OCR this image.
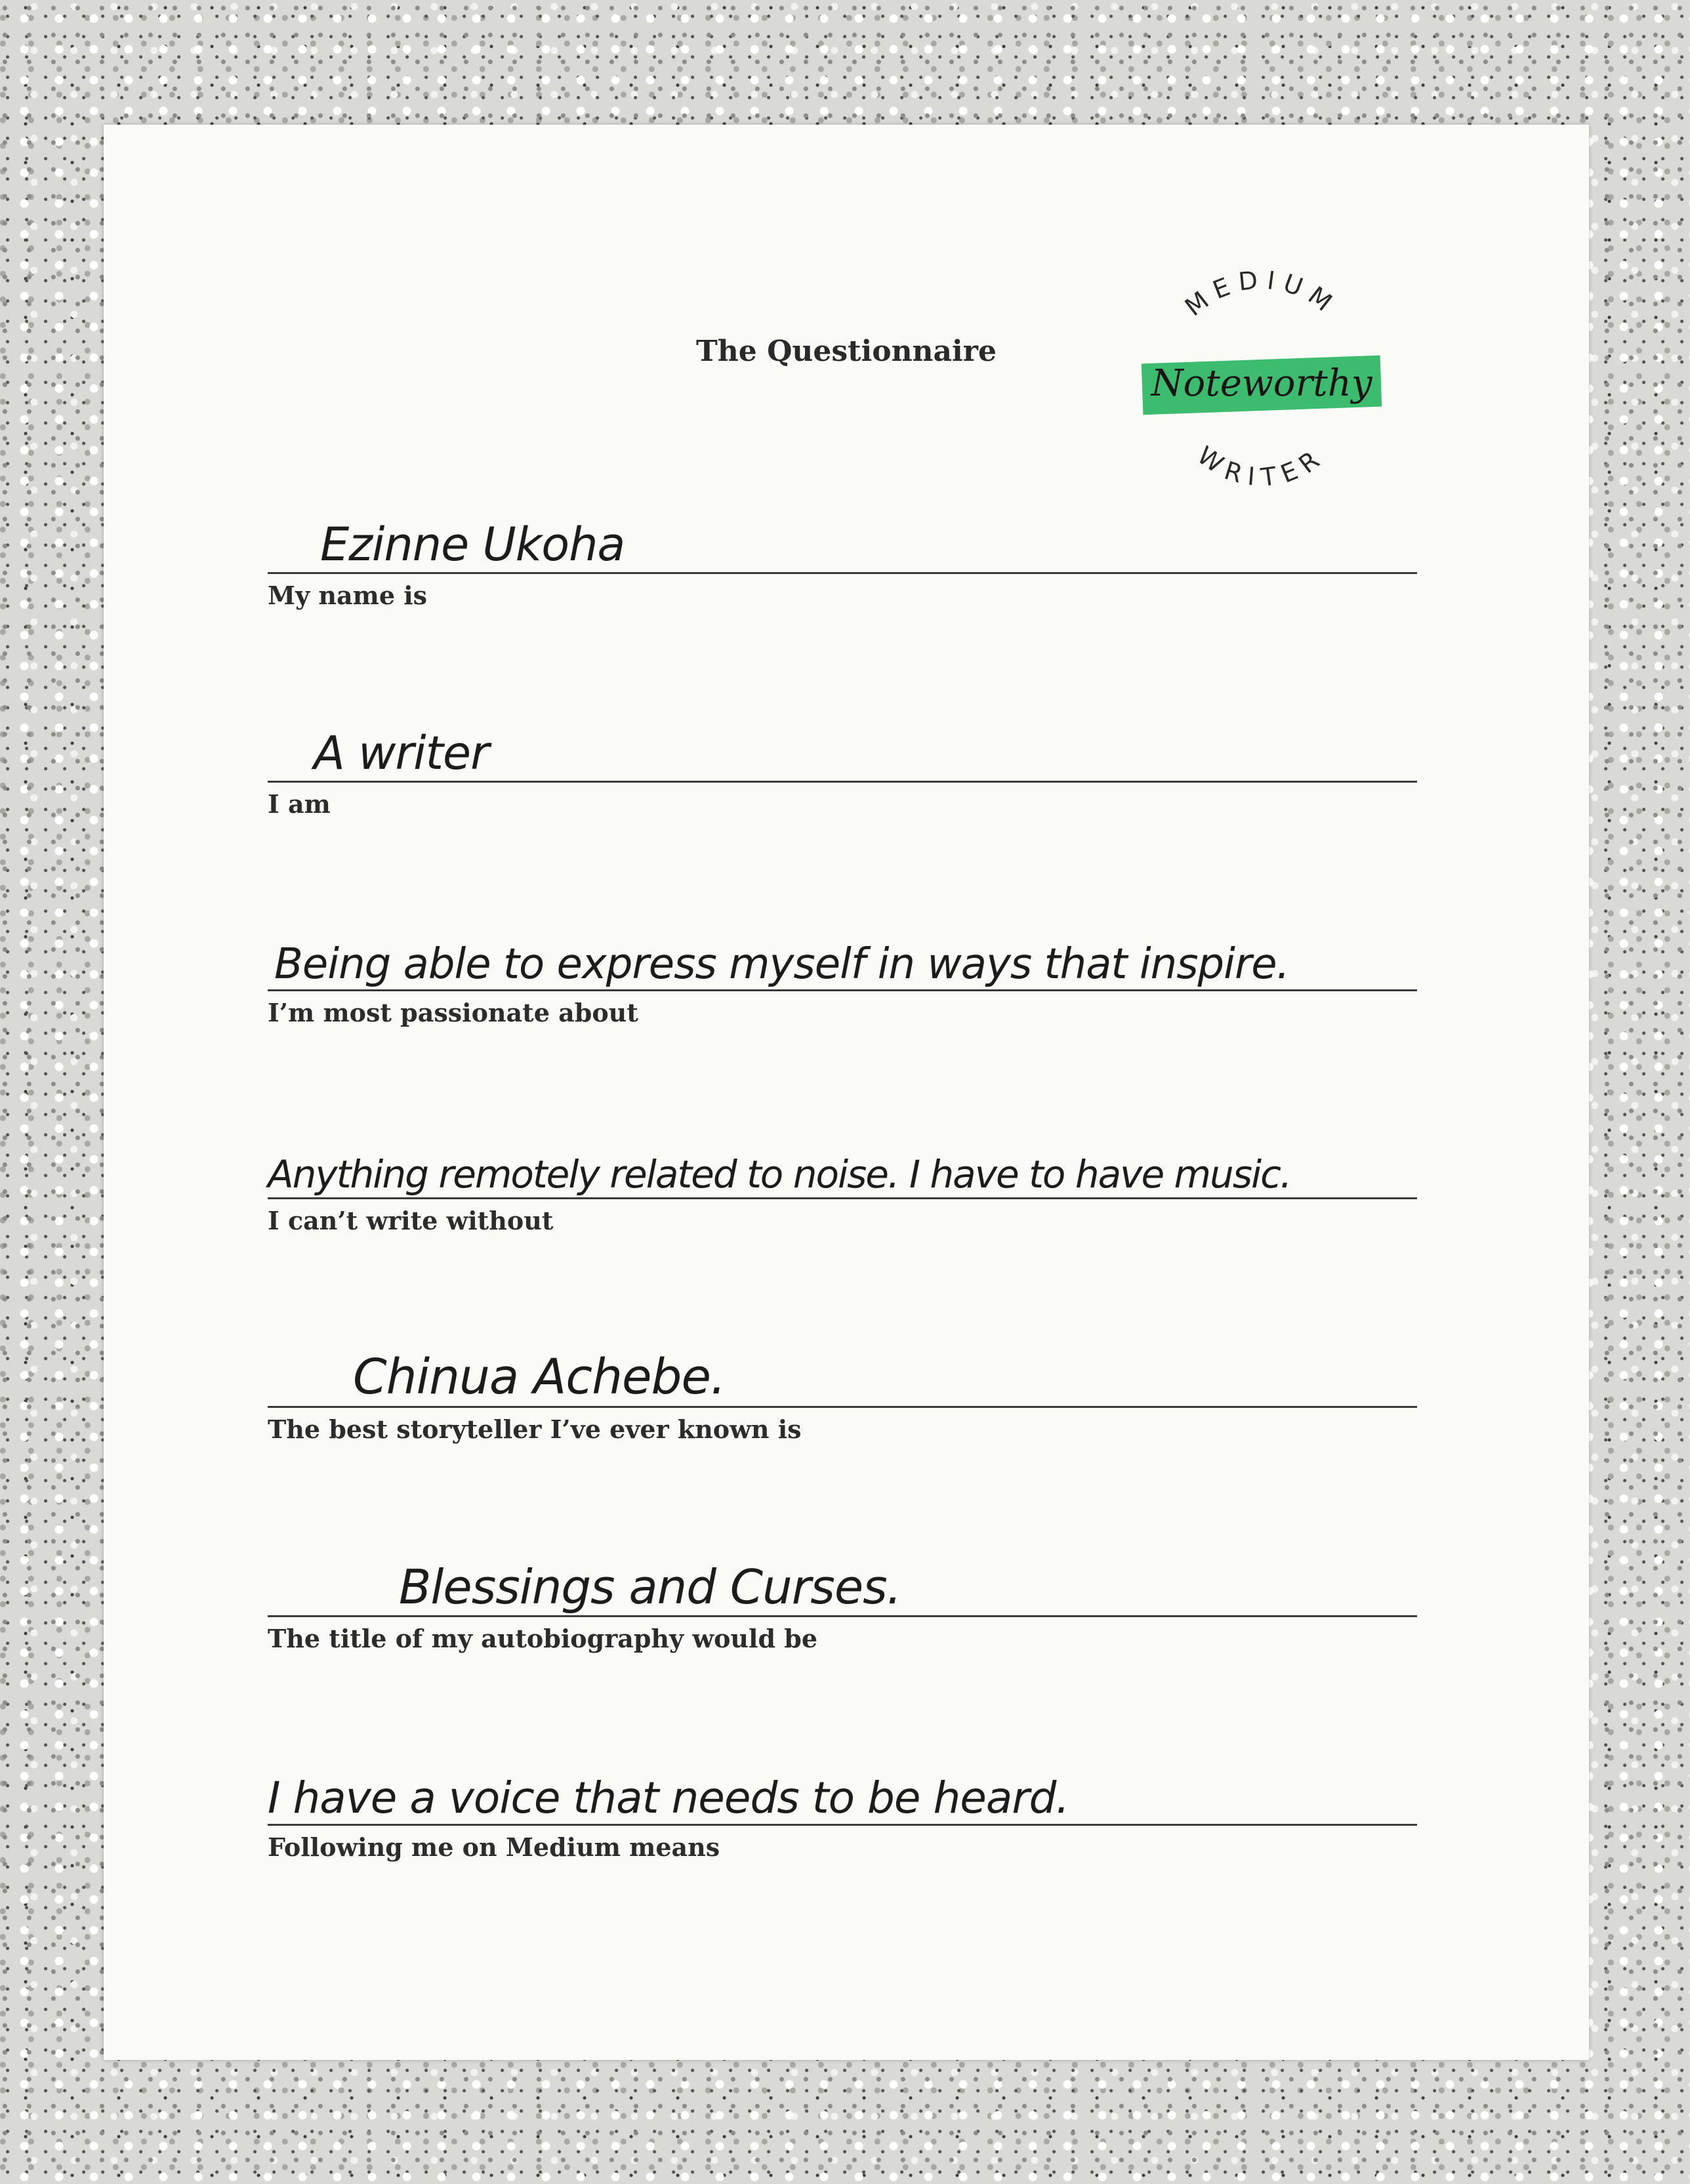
The Questionnaire
MEDIUM
Noteworthy
WRITER
Ezinne Ukoha
My name is
A writer
I am
Being able to express myself in ways that inspire.
I’m most passionate about
Anything remotely related to noise. I have to have music.
I can’t write without
Chinua Achebe.
The best storyteller I’ve ever known is
Blessings and Curses.
The title of my autobiography would be
I have a voice that needs to be heard.
Following me on Medium means
